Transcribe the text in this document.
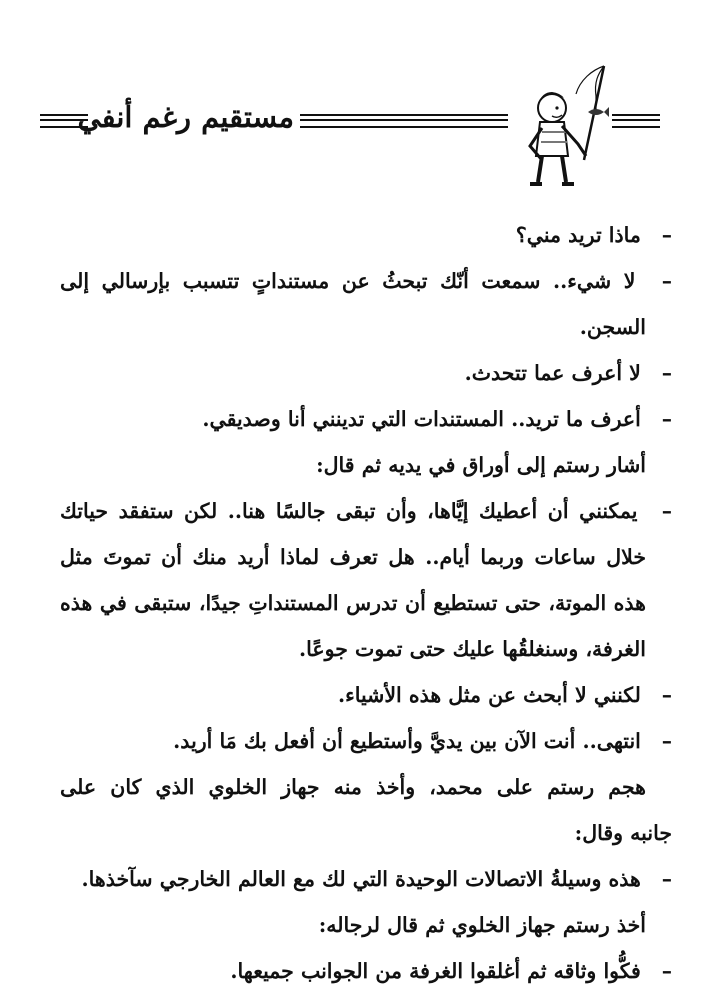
مستقيم رغم أنفي
– ماذا تريد مني؟
– لا شيء.. سمعت أنّك تبحثُ عن مستنداتٍ تتسبب بإرسالي إلى
السجن.
– لا أعرف عما تتحدث.
– أعرف ما تريد.. المستندات التي تدينني أنا وصديقي.
أشار رستم إلى أوراق في يديه ثم قال:
– يمكنني أن أعطيك إيَّاها، وأن تبقى جالسًا هنا.. لكن ستفقد حياتك
خلال ساعات وربما أيام.. هل تعرف لماذا أريد منك أن تموتَ مثل
هذه الموتة، حتى تستطيع أن تدرس المستنداتِ جيدًا، ستبقى في هذه
الغرفة، وسنغلقُها عليك حتى تموت جوعًا.
– لكنني لا أبحث عن مثل هذه الأشياء.
– انتهى.. أنت الآن بين يديَّ وأستطيع أن أفعل بك مَا أريد.
هجم رستم على محمد، وأخذ منه جهاز الخلوي الذي كان على
جانبه وقال:
– هذه وسيلةُ الاتصالات الوحيدة التي لك مع العالم الخارجي سآخذها.
أخذ رستم جهاز الخلوي ثم قال لرجاله:
– فكُّوا وثاقه ثم أغلقوا الغرفة من الجوانب جميعها.
